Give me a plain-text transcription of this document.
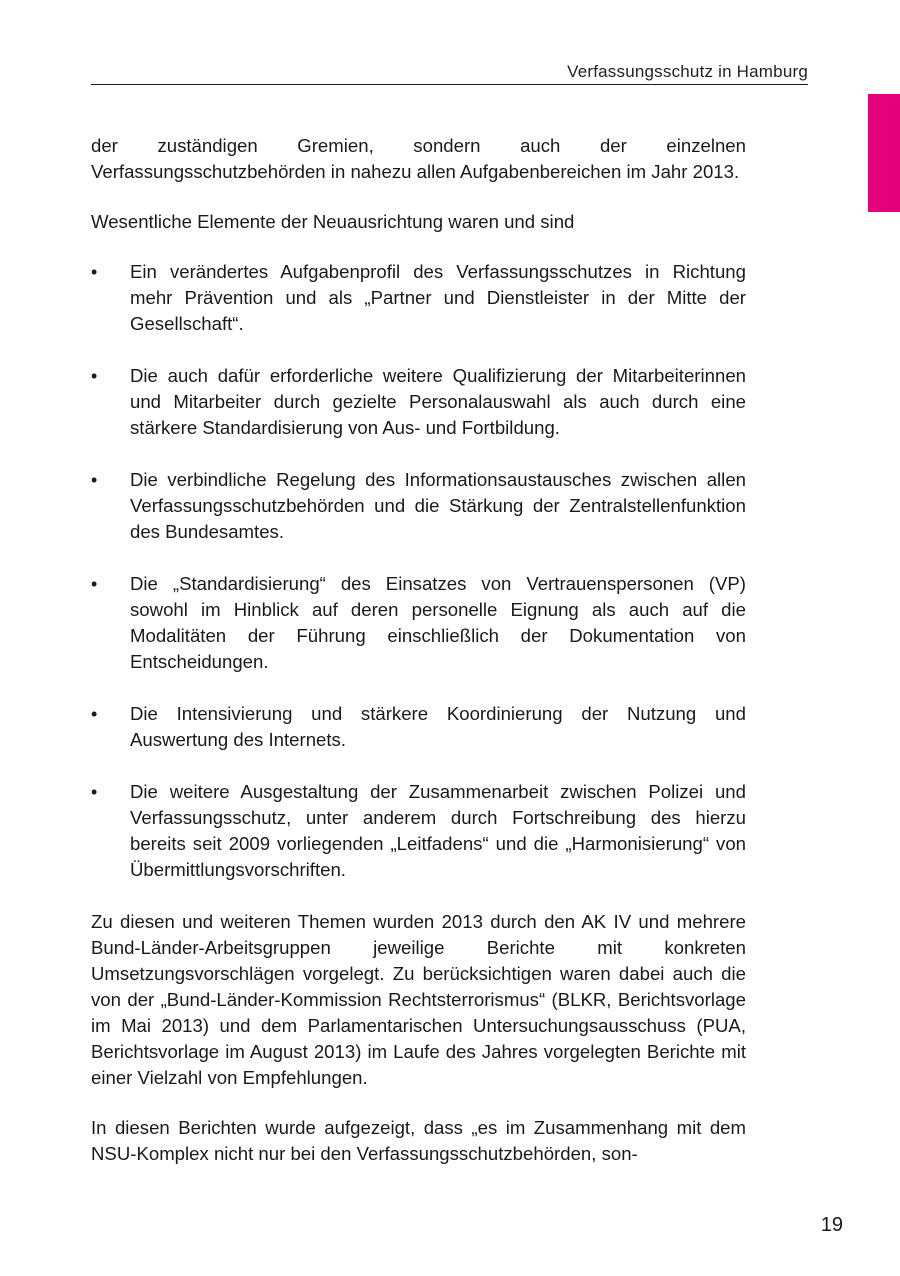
Verfassungsschutz in Hamburg

der zuständigen Gremien, sondern auch der einzelnen Verfassungsschutzbehörden in nahezu allen Aufgabenbereichen im Jahr 2013.

Wesentliche Elemente der Neuausrichtung waren und sind

• Ein verändertes Aufgabenprofil des Verfassungsschutzes in Richtung mehr Prävention und als „Partner und Dienstleister in der Mitte der Gesellschaft“.
• Die auch dafür erforderliche weitere Qualifizierung der Mitarbeiterinnen und Mitarbeiter durch gezielte Personalauswahl als auch durch eine stärkere Standardisierung von Aus- und Fortbildung.
• Die verbindliche Regelung des Informationsaustausches zwischen allen Verfassungsschutzbehörden und die Stärkung der Zentralstellenfunktion des Bundesamtes.
• Die „Standardisierung“ des Einsatzes von Vertrauenspersonen (VP) sowohl im Hinblick auf deren personelle Eignung als auch auf die Modalitäten der Führung einschließlich der Dokumentation von Entscheidungen.
• Die Intensivierung und stärkere Koordinierung der Nutzung und Auswertung des Internets.
• Die weitere Ausgestaltung der Zusammenarbeit zwischen Polizei und Verfassungsschutz, unter anderem durch Fortschreibung des hierzu bereits seit 2009 vorliegenden „Leitfadens“ und die „Harmonisierung“ von Übermittlungsvorschriften.

Zu diesen und weiteren Themen wurden 2013 durch den AK IV und mehrere Bund-Länder-Arbeitsgruppen jeweilige Berichte mit konkreten Umsetzungsvorschlägen vorgelegt. Zu berücksichtigen waren dabei auch die von der „Bund-Länder-Kommission Rechtsterrorismus“ (BLKR, Berichtsvorlage im Mai 2013) und dem Parlamentarischen Untersuchungsausschuss (PUA, Berichtsvorlage im August 2013) im Laufe des Jahres vorgelegten Berichte mit einer Vielzahl von Empfehlungen.

In diesen Berichten wurde aufgezeigt, dass „es im Zusammenhang mit dem NSU-Komplex nicht nur bei den Verfassungsschutzbehörden, son-

19
